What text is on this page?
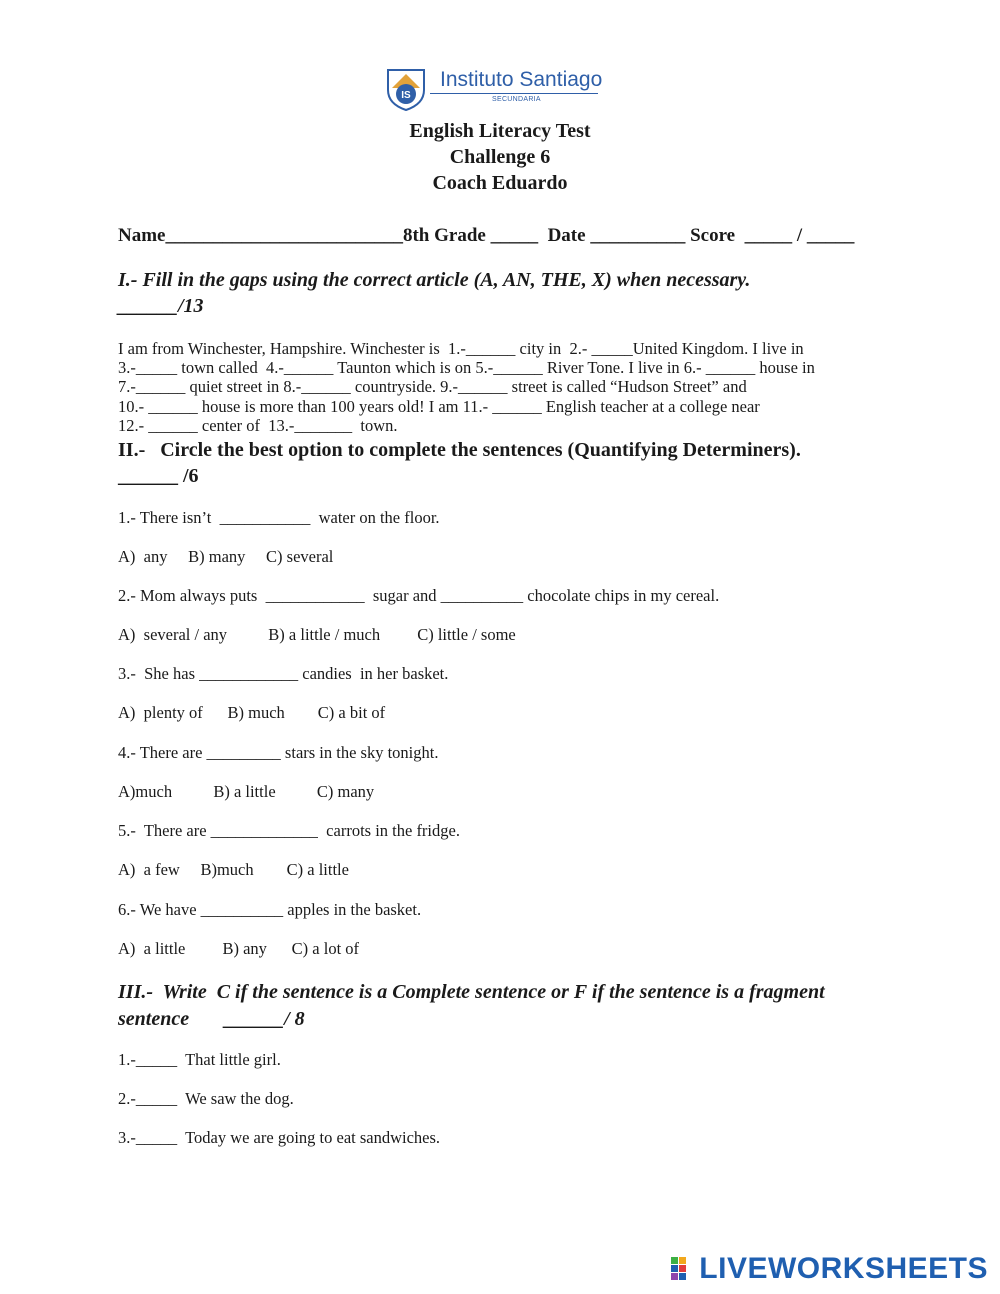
IS
Instituto Santiago
SECUNDARIA
English Literacy Test
Challenge 6
Coach Eduardo
Name_________________________8th Grade _____  Date __________ Score  _____ / _____
I.- Fill in the gaps using the correct article (A, AN, THE, X) when necessary.
______/13
I am from Winchester, Hampshire. Winchester is  1.-______ city in  2.- _____United Kingdom. I live in
3.-_____ town called  4.-______ Taunton which is on 5.-______ River Tone. I live in 6.- ______ house in
7.-______ quiet street in 8.-______ countryside. 9.-______ street is called “Hudson Street” and
10.- ______ house is more than 100 years old! I am 11.- ______ English teacher at a college near
12.- ______ center of  13.-_______  town.
II.-   Circle the best option to complete the sentences (Quantifying Determiners).
______ /6
1.- There isn’t  ___________  water on the floor.
A)  any     B) many     C) several
2.- Mom always puts  ____________  sugar and __________ chocolate chips in my cereal.
A)  several / any          B) a little / much         C) little / some
3.-  She has ____________ candies  in her basket.
A)  plenty of      B) much        C) a bit of
4.- There are _________ stars in the sky tonight.
A)much          B) a little          C) many
5.-  There are _____________  carrots in the fridge.
A)  a few     B)much        C) a little
6.- We have __________ apples in the basket.
A)  a little         B) any      C) a lot of
III.-  Write  C if the sentence is a Complete sentence or F if the sentence is a fragment
sentence       ______/ 8
1.-_____  That little girl.
2.-_____  We saw the dog.
3.-_____  Today we are going to eat sandwiches.
LIVEWORKSHEETS
